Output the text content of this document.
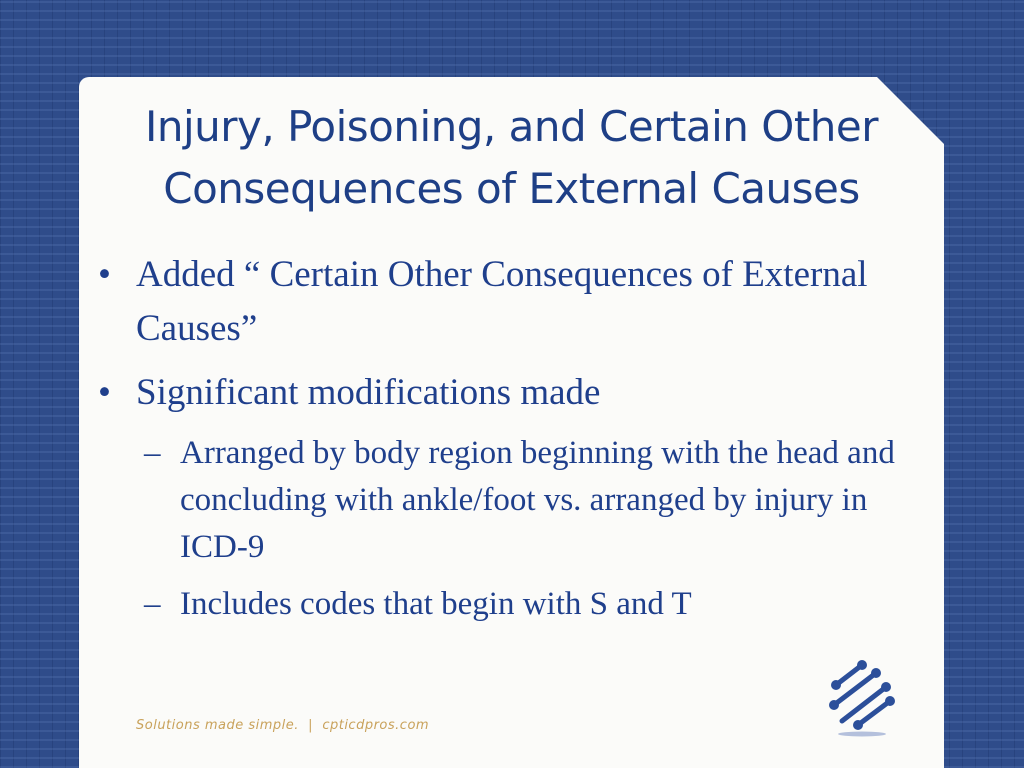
Injury, Poisoning, and Certain Other
Consequences of External Causes
• Added “ Certain Other Consequences of External Causes”
• Significant modifications made
– Arranged by body region beginning with the head and concluding with ankle/foot vs. arranged by injury in ICD-9
– Includes codes that begin with S and T
Solutions made simple.  |  cpticdpros.com
